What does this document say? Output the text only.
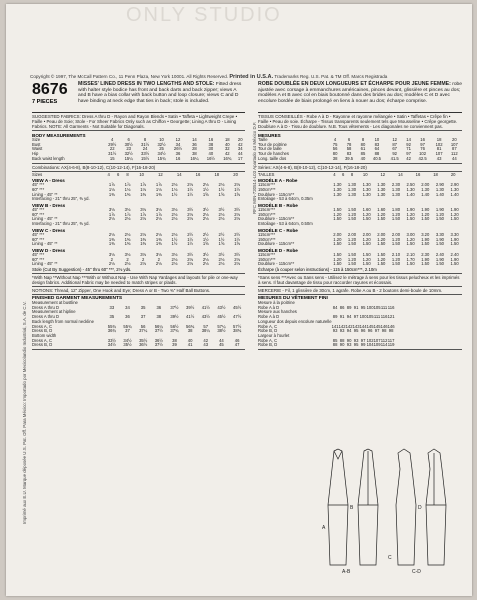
ONLY STUDIO
Imprimé aux E.U. Marque déposée U.S. Pat. Off. Para México: Importado por Mexicolandio Industrial, S.A. de C.V.
RFC MIN-720514-L03 Apartado 44 México D.F.
Copyright © 1997, The McCall Pattern Co., 11 Penn Plaza, New York 10001. All Rights Reserved. Printed in U.S.A. Trademarks Reg. U.S. Pat. & TM Off. Marcs Registrada
8676
7 PIECES
MISSES' LINED DRESS IN TWO LENGTHS AND STOLE: Fitted dress with halter style bodice has front and back darts and back zipper; views A and B have a bias collar with back button and loop closure; views C and D have binding at neck edge that ties in back; stole is included.
SUGGESTED FABRICS: Dress A thru D - Rayon and Rayon Blends • Satin • Taffeta • Lightweight Crepe • Faille • Peau de Soie; Stole - For Sheer Fabrics Only such as Chiffon • Georgette; Lining A thru D - Lining Fabrics. NOTE: All Garments - Not Suitable for Diagonals.
BODY MEASUREMENTS
Size	4	6	8	10	12	14	16	18	20
Bust	29½	30½	31½	32½	34	36	38	40	42
Waist	22	23	24	25	26½	28	30	32	34
Hip	31½	32½	33½	34½	36	38	40	42	44
Back waist length	15	15¼	15½	15¾	16	16¼	16½	16¾	17
Combinations: AX(4-6-8), B(8-10-12), C(10-12-14), F(16-18-20)
Sizes	4	6	8	10	12	14	16	18	20
VIEW A - Dress
45" ***	1⅞	1⅞	1⅞	1⅞	2⅛	2⅛	2⅛	2⅛	2⅛
60" ***	1⅛	1⅛	1⅛	1⅛	1⅛	1½	1½	1½	1½
Lining - 45" **	1⅜	1⅜	1⅜	1⅜	1½	1½	1⅝	1⅝	1⅝
Interfacing - 21" thru 25", ⅜ yd.									
VIEW B - Dress
45" ***	3⅛	3⅛	3⅛	3⅛	3⅛	3½	3½	3½	3½
60" ***	1⅞	1⅞	1⅞	1⅞	2⅛	2⅛	2⅛	2⅛	2⅛
Lining - 45" **	2⅛	2⅛	2⅛	2⅛	2⅛	2⅛	2⅛	2⅛	2⅛
Interfacing - 21" thru 25", ⅜ yd.									
VIEW C - Dress
45" ***	2⅛	2⅛	2⅛	2⅛	2⅛	2½	2½	2½	2½
60" ***	1⅜	1⅜	1⅜	1⅜	1½	1½	1½	1½	1½
Lining - 45" **	1⅜	1⅜	1⅜	1⅜	1½	1½	1⅝	1⅝	1⅝
VIEW D - Dress
45" ***	3⅛	3⅛	3⅛	3⅛	3⅛	3½	3½	3½	3½
60" ***	2	2	2	2	2⅛	2⅛	2⅛	2⅛	2⅛
Lining - 45" **	2⅛	2⅛	2⅛	2⅛	2⅛	2⅛	2⅛	2⅛	2⅛
Stole (Cut By Suggestion) - 45" thru 60" ***, 2⅛ yds.
*With Nap **Without Nap ***With or Without Nap - Use With Nap Yardages and layouts for pile or one-way design fabrics. Additional Fabric may be needed to match stripes or plaids.
NOTIONS: Thread, 12" Zipper, One Hook and Eye; Dress A or B - Two ⅜" Half Ball Buttons.
FINISHED GARMENT MEASUREMENTS
Measurement at bustline									
Dress A thru D	33	34	35	36	37½	39½	41½	43½	45½
Measurement at hipline									
Dress A thru D	35	36	37	38	39½	41½	43½	45½	47½
Back length from normal neckline									
Dress A, C	55¾	55¾	56	56¼	56½	56¾	57	57¼	57½
Dress B, D	36¾	37	37¼	37½	37¾	38	38¼	38½	38¾
Bottom width									
Dress A, C	33½	34½	35½	36½	38	40	42	44	46
Dress B, D	34½	35½	36½	37½	39	41	43	45	47
ROBE DOUBLÉE EN DEUX LONGUEURS ET ÉCHARPE POUR JEUNE FEMME: robe ajustée avec corsage à emmanchures américaines, pinces devant, glissière et pinces au dos; modèles A et B avec col en biais boutonné dans des brides au dos; modèles C et D avec encolure bordée de biais prolongé en liens à nouer au dos; écharpe comprise.
TISSUS CONSEILLÉS - Robe A à D - Rayonne et rayonne mélangée • Satin • Taffetas • Crêpe fin • Faille • Peau de soie. Écharpe - Tissus transparents seulement tels que Mousseline • Crêpe georgette. Doublure A à D - Tissu de doublure. N.B. Tous vêtements - Les diagonales ne conviennent pas.
MESURES
Taille	4	6	8	10	12	14	16	18	20
Tour de poitrine	75	78	80	83	87	92	97	102	107
Tour de taille	56	58	61	64	67	71	76	81	87
Tour de hanches	80	83	85	88	92	97	102	107	112
Long. taille dos	38	39.5	40	40.5	41.5	42	42.5	43	44
Séries: AX(4-6-8), B(8-10-12), C(10-12-14), F(16-18-20)
TAILLES	4	6	8	10	12	14	16	18	20
MODÈLE A - Robe
115cm***	1.30	1.30	1.30	1.30	2.30	2.50	2.00	2.90	2.90
150cm***	1.30	1.30	1.30	1.30	1.30	1.30	1.30	1.30	1.30
Doublure - 115cm**	1.30	1.30	1.30	1.30	1.30	1.40	1.40	1.40	1.40
Entoilage - 53 à 64cm, 0.35m									
MODÈLE B - Robe
115cm***	1.50	1.50	1.60	1.60	1.80	1.90	1.90	1.90	1.90
150cm***	1.20	1.20	1.20	1.20	1.20	1.20	1.20	1.20	1.20
Doublure - 115cm**	1.50	1.50	1.50	1.50	1.50	1.50	1.50	1.50	1.50
Entoilage - 53 à 64cm, 0.50m									
MODÈLE C - Robe
115cm***	2.00	2.00	2.00	2.00	2.00	3.00	3.20	3.30	3.30
150cm***	1.20	1.20	1.20	1.20	1.20	1.20	1.90	1.90	1.90
Doublure - 115cm**	1.50	1.50	1.50	1.50	1.50	1.50	1.50	1.50	1.50
MODÈLE D - Robe
115cm***	1.50	1.50	1.50	1.50	2.10	2.10	2.30	2.40	2.40
150cm***	1.20	1.20	1.20	1.20	1.20	1.70	1.90	1.90	1.90
Doublure - 115cm**	1.50	1.50	1.50	1.50	1.50	1.50	1.50	1.50	1.50
Écharpe (à couper selon instructions) - 115 à 150cm***, 2.10m
*Sans sens ***Avec ou Sans sens - Utilisez le métrage à sens pour les tissus pelucheux et les imprimés à sens. Il faut davantage de tissu pour raccorder rayures et écossais.
MERCERIE - Fil, 1 glissière de 30cm, 1 agrafe. Robe A ou B - 2 boutons demi-boule de 10mm.
MESURES DU VÊTEMENT FINI
Mesure à la poitrine									
Robe A à D	84	86	89	91	95	100	105	111	116
Mesure aux hanches									
Robe A à D	89	91	94	97	100	105	111	116	121
Longueur dos depuis encolure naturelle									
Robe A, C	141	142	142	143	144	145	145	146	146
Robe B, D	93	93	94	95	96	96	97	98	98
Largeur à l'ourlet									
Robe A, C	85	88	90	93	97	102	107	112	117
Robe B, D	88	90	93	95	99	104	109	114	119
A
B
A-B
C
C-D
D
